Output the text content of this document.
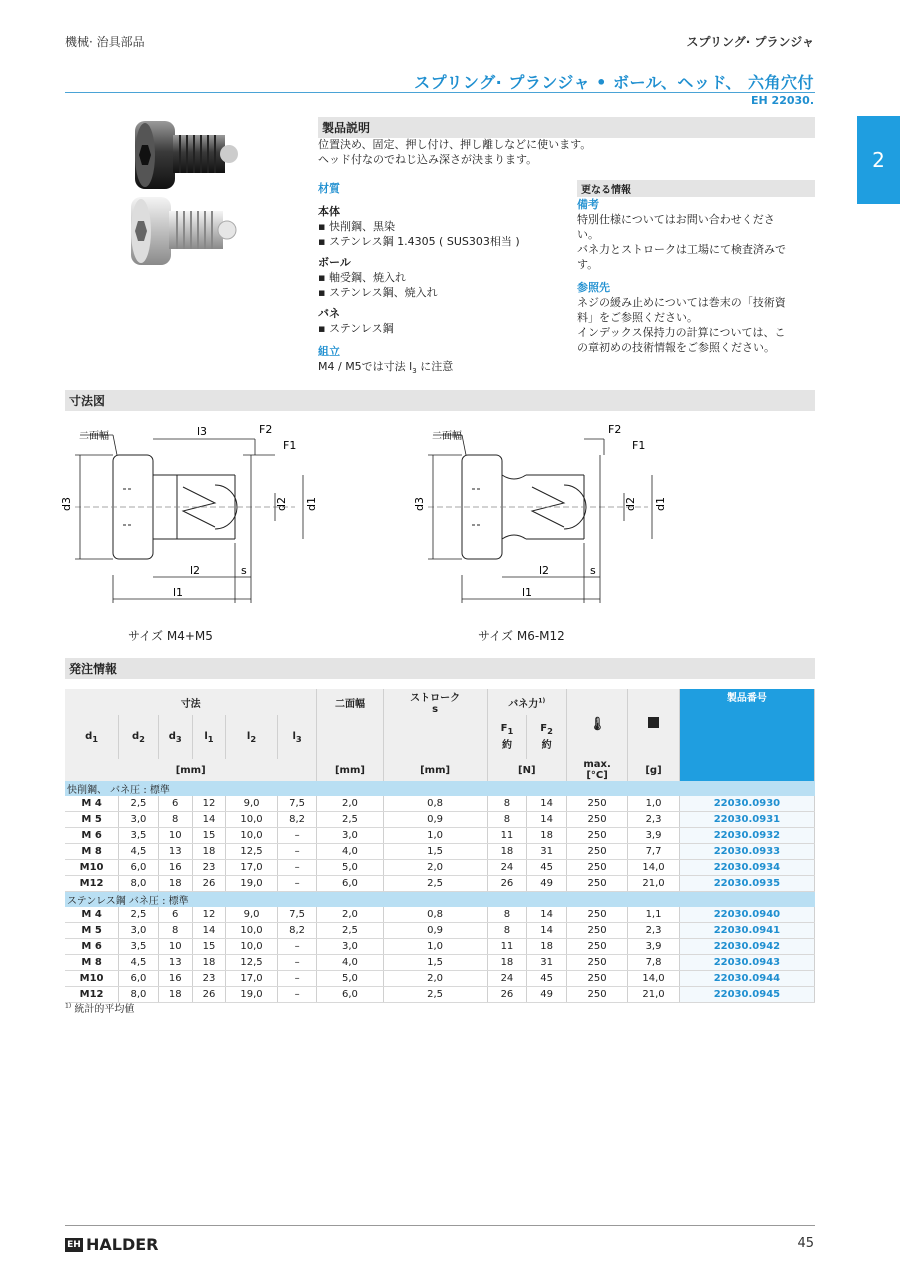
機械· 治具部品	スプリング· プランジャ
スプリング· プランジャ • ボール、ヘッド、 六角穴付
EH 22030.
2
製品説明
位置決め、固定、押し付け、押し離しなどに使います。
ヘッド付なのでねじ込み深さが決まります。
材質
本体
▪ 快削鋼、黒染
▪ ステンレス鋼 1.4305 ( SUS303相当 )
ボール
▪ 軸受鋼、焼入れ
▪ ステンレス鋼、焼入れ
バネ
▪ ステンレス鋼
組立
M4 / M5では寸法 $l_3$ に注意
更なる情報
備考
特別仕様についてはお問い合わせくださ
い。
バネ力とストロークは工場にて検査済みで
す。
参照先
ネジの緩み止めについては巻末の「技術資
料」をご参照ください。
インデックス保持力の計算については、こ
の章初めの技術情報をご参照ください。
寸法図
二面幅
d3	d2 d1
l3	F2
F1
l2	s
l1
二面幅
d3	d2 d1
F2
F1
l2	s
l1
サイズ M4+M5	サイズ M6-M12
発注情報
寸法						二面幅	ストローク
s	バネ力$^{1)}$		🌡		製品番号
$d_1$	$d_2$	$d_3$	$l_1$	$l_2$	$l_3$			$F_1$
約	$F_2$
約			
[mm]						[mm]	[mm]	[N]		max.
[°C]	[g]	
快削鋼、 バネ圧 : 標準												
M 4	2,5	6	12	9,0	7,5	2,0	0,8	8	14	250	1,0	22030.0930
M 5	3,0	8	14	10,0	8,2	2,5	0,9	8	14	250	2,3	22030.0931
M 6	3,5	10	15	10,0	–	3,0	1,0	11	18	250	3,9	22030.0932
M 8	4,5	13	18	12,5	–	4,0	1,5	18	31	250	7,7	22030.0933
M10	6,0	16	23	17,0	–	5,0	2,0	24	45	250	14,0	22030.0934
M12	8,0	18	26	19,0	–	6,0	2,5	26	49	250	21,0	22030.0935
ステンレス鋼 バネ圧 : 標準												
M 4	2,5	6	12	9,0	7,5	2,0	0,8	8	14	250	1,1	22030.0940
M 5	3,0	8	14	10,0	8,2	2,5	0,9	8	14	250	2,3	22030.0941
M 6	3,5	10	15	10,0	–	3,0	1,0	11	18	250	3,9	22030.0942
M 8	4,5	13	18	12,5	–	4,0	1,5	18	31	250	7,8	22030.0943
M10	6,0	16	23	17,0	–	5,0	2,0	24	45	250	14,0	22030.0944
M12	8,0	18	26	19,0	–	6,0	2,5	26	49	250	21,0	22030.0945
$^{1)}$ 統計的平均値
EH HALDER	45
